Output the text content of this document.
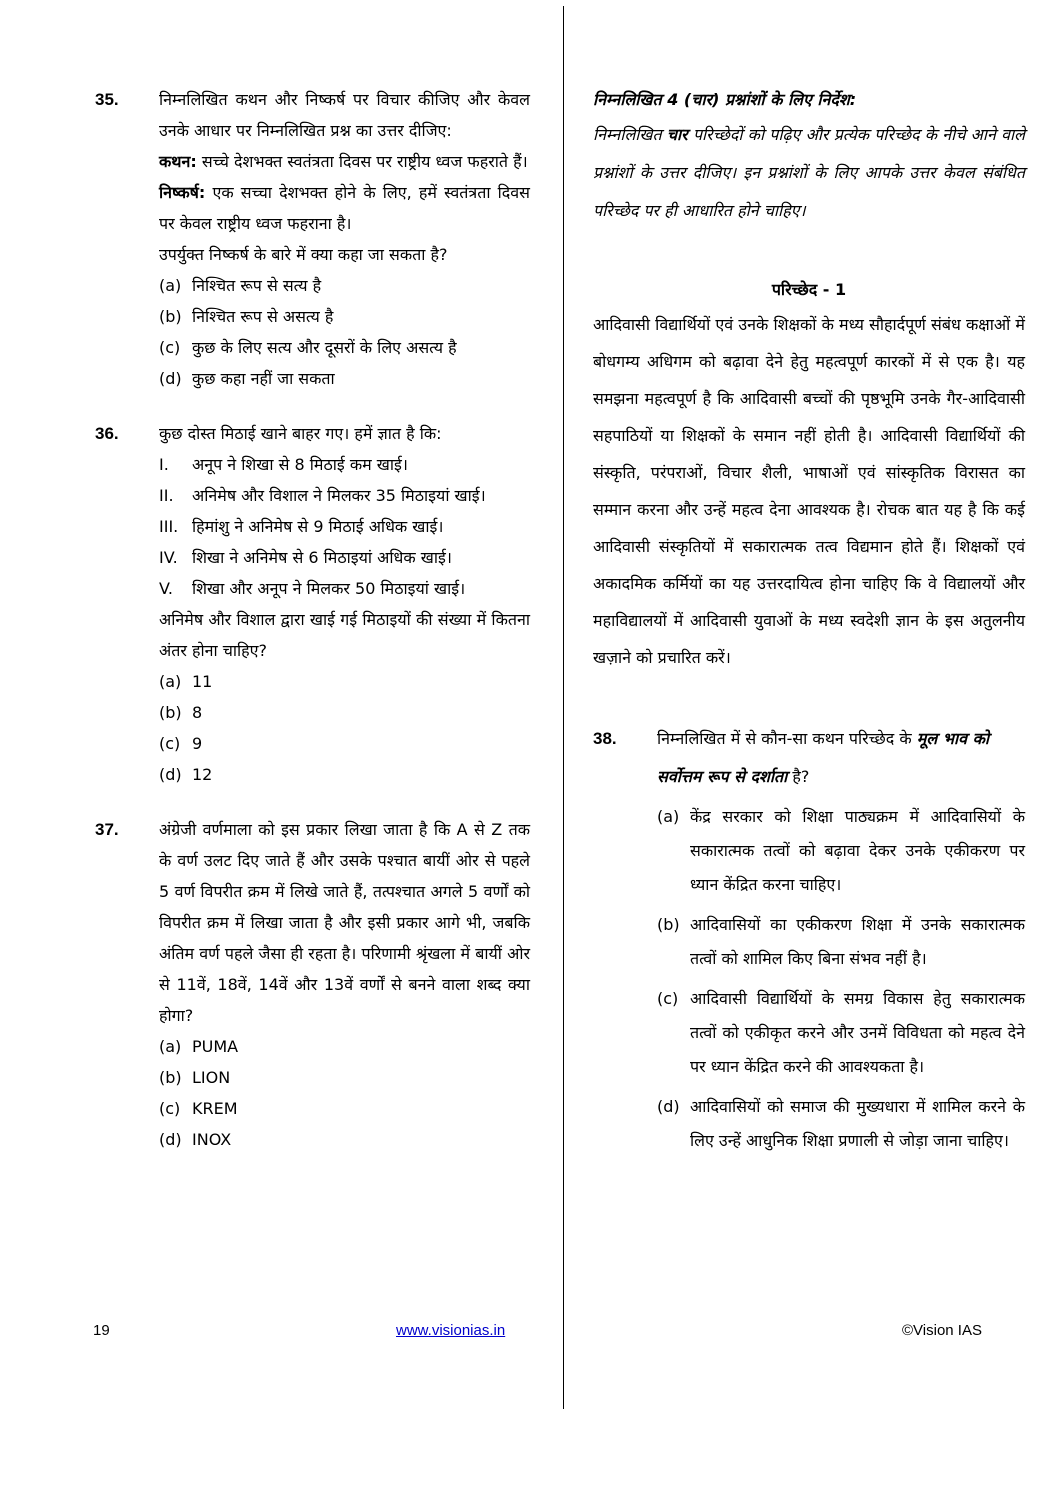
35.	निम्नलिखित कथन और निष्कर्ष पर विचार कीजिए और केवल उनके आधार पर निम्नलिखित प्रश्न का उत्तर दीजिए:

कथन: सच्चे देशभक्त स्वतंत्रता दिवस पर राष्ट्रीय ध्वज फहराते हैं।

निष्कर्ष: एक सच्चा देशभक्त होने के लिए, हमें स्वतंत्रता दिवस पर केवल राष्ट्रीय ध्वज फहराना है।

उपर्युक्त निष्कर्ष के बारे में क्या कहा जा सकता है?

(a) निश्चित रूप से सत्य है
(b) निश्चित रूप से असत्य है
(c) कुछ के लिए सत्य और दूसरों के लिए असत्य है
(d) कुछ कहा नहीं जा सकता
36.	कुछ दोस्त मिठाई खाने बाहर गए। हमें ज्ञात है कि:

I.	अनूप ने शिखा से 8 मिठाई कम खाई।
II.	अनिमेष और विशाल ने मिलकर 35 मिठाइयां खाई।
III. हिमांशु ने अनिमेष से 9 मिठाई अधिक खाई।
IV. शिखा ने अनिमेष से 6 मिठाइयां अधिक खाई।
V.	शिखा और अनूप ने मिलकर 50 मिठाइयां खाई।

अनिमेष और विशाल द्वारा खाई गई मिठाइयों की संख्या में कितना अंतर होना चाहिए?

(a) 11
(b) 8
(c) 9
(d) 12
37.	अंग्रेजी वर्णमाला को इस प्रकार लिखा जाता है कि A से Z तक के वर्ण उलट दिए जाते हैं और उसके पश्चात बायीं ओर से पहले 5 वर्ण विपरीत क्रम में लिखे जाते हैं, तत्पश्चात अगले 5 वर्णों को विपरीत क्रम में लिखा जाता है और इसी प्रकार आगे भी, जबकि अंतिम वर्ण पहले जैसा ही रहता है। परिणामी श्रृंखला में बायीं ओर से 11वें, 18वें, 14वें और 13वें वर्णों से बनने वाला शब्द क्या होगा?

(a) PUMA
(b) LION
(c) KREM
(d) INOX
निम्नलिखित 4 (चार) प्रश्नांशों के लिए निर्देश:

निम्नलिखित चार परिच्छेदों को पढ़िए और प्रत्येक परिच्छेद के नीचे आने वाले प्रश्नांशों के उत्तर दीजिए। इन प्रश्नांशों के लिए आपके उत्तर केवल संबंधित परिच्छेद पर ही आधारित होने चाहिए।

परिच्छेद - 1

आदिवासी विद्यार्थियों एवं उनके शिक्षकों के मध्य सौहार्दपूर्ण संबंध कक्षाओं में बोधगम्य अधिगम को बढ़ावा देने हेतु महत्वपूर्ण कारकों में से एक है। यह समझना महत्वपूर्ण है कि आदिवासी बच्चों की पृष्ठभूमि उनके गैर-आदिवासी सहपाठियों या शिक्षकों के समान नहीं होती है। आदिवासी विद्यार्थियों की संस्कृति, परंपराओं, विचार शैली, भाषाओं एवं सांस्कृतिक विरासत का सम्मान करना और उन्हें महत्व देना आवश्यक है। रोचक बात यह है कि कई आदिवासी संस्कृतियों में सकारात्मक तत्व विद्यमान होते हैं। शिक्षकों एवं अकादमिक कर्मियों का यह उत्तरदायित्व होना चाहिए कि वे विद्यालयों और महाविद्यालयों में आदिवासी युवाओं के मध्य स्वदेशी ज्ञान के इस अतुलनीय खज़ाने को प्रचारित करें।

38.	निम्नलिखित में से कौन-सा कथन परिच्छेद के मूल भाव को सर्वोत्तम रूप से दर्शाता है?
(a) केंद्र सरकार को शिक्षा पाठ्यक्रम में आदिवासियों के सकारात्मक तत्वों को बढ़ावा देकर उनके एकीकरण पर ध्यान केंद्रित करना चाहिए।
(b) आदिवासियों का एकीकरण शिक्षा में उनके सकारात्मक तत्वों को शामिल किए बिना संभव नहीं है।
(c) आदिवासी विद्यार्थियों के समग्र विकास हेतु सकारात्मक तत्वों को एकीकृत करने और उनमें विविधता को महत्व देने पर ध्यान केंद्रित करने की आवश्यकता है।
(d) आदिवासियों को समाज की मुख्यधारा में शामिल करने के लिए उन्हें आधुनिक शिक्षा प्रणाली से जोड़ा जाना चाहिए।
19	www.visionias.in	©Vision IAS
